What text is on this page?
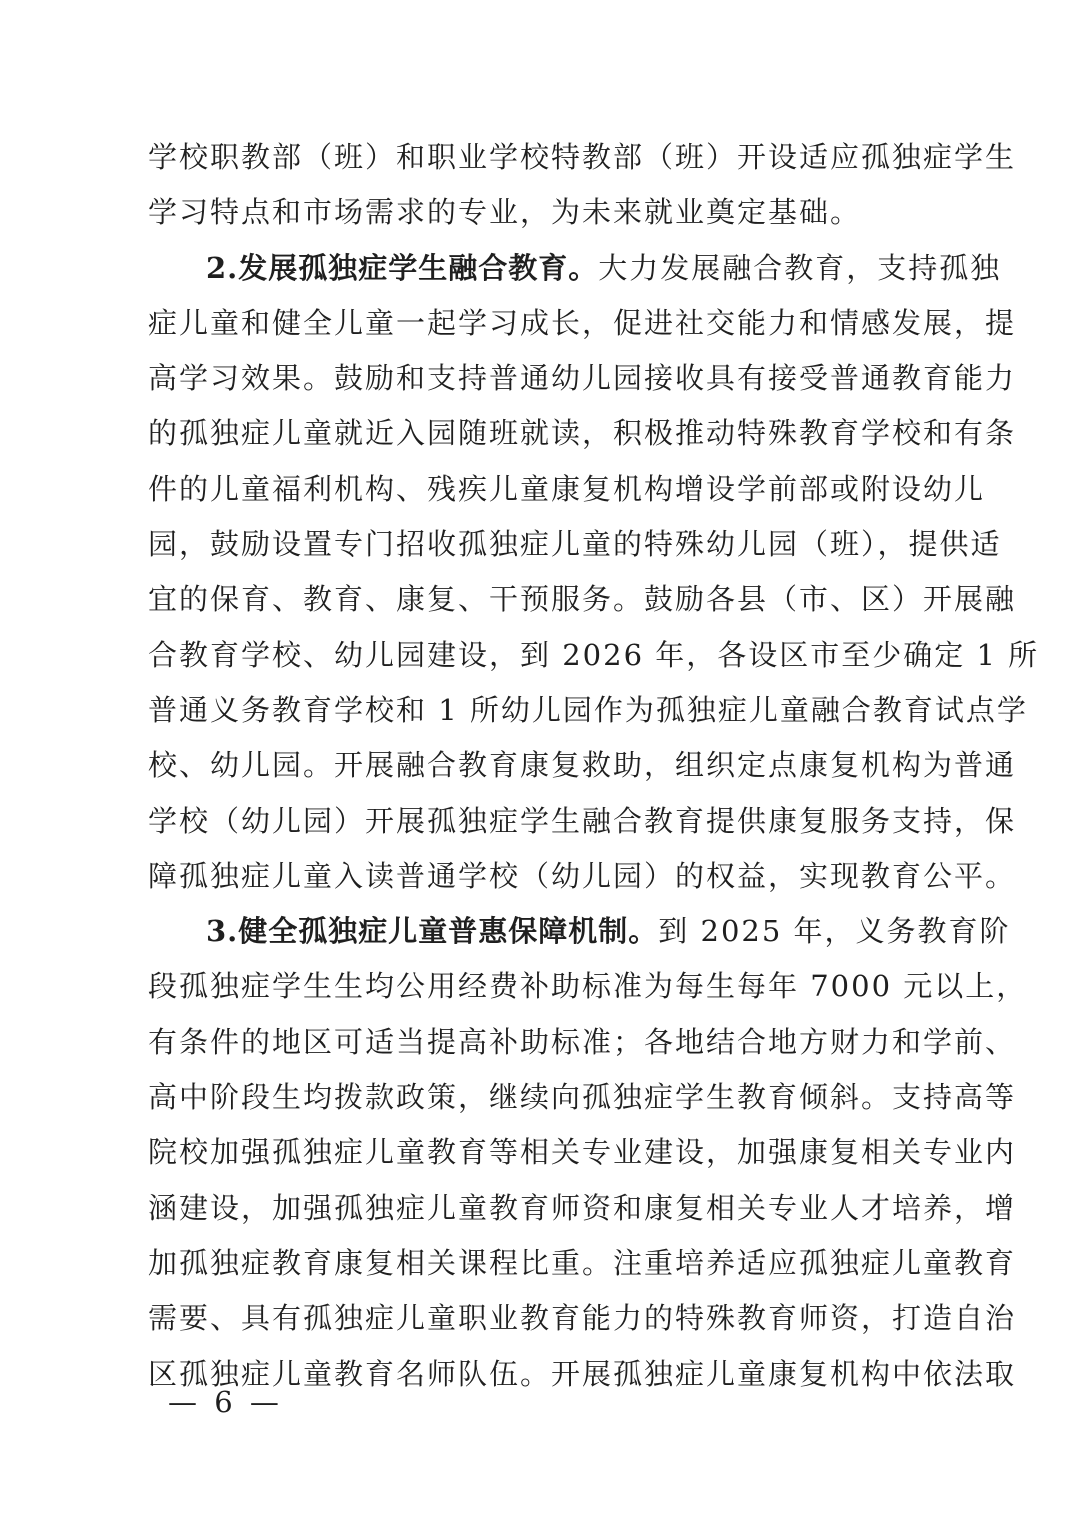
学校职教部（班）和职业学校特教部（班）开设适应孤独症学生
学习特点和市场需求的专业，为未来就业奠定基础。
2.发展孤独症学生融合教育。大力发展融合教育，支持孤独
症儿童和健全儿童一起学习成长，促进社交能力和情感发展，提
高学习效果。鼓励和支持普通幼儿园接收具有接受普通教育能力
的孤独症儿童就近入园随班就读，积极推动特殊教育学校和有条
件的儿童福利机构、残疾儿童康复机构增设学前部或附设幼儿
园，鼓励设置专门招收孤独症儿童的特殊幼儿园（班），提供适
宜的保育、教育、康复、干预服务。鼓励各县（市、区）开展融
合教育学校、幼儿园建设，到 2026 年，各设区市至少确定 1 所
普通义务教育学校和 1 所幼儿园作为孤独症儿童融合教育试点学
校、幼儿园。开展融合教育康复救助，组织定点康复机构为普通
学校（幼儿园）开展孤独症学生融合教育提供康复服务支持，保
障孤独症儿童入读普通学校（幼儿园）的权益，实现教育公平。
3.健全孤独症儿童普惠保障机制。到 2025 年，义务教育阶
段孤独症学生生均公用经费补助标准为每生每年 7000 元以上，
有条件的地区可适当提高补助标准；各地结合地方财力和学前、
高中阶段生均拨款政策，继续向孤独症学生教育倾斜。支持高等
院校加强孤独症儿童教育等相关专业建设，加强康复相关专业内
涵建设，加强孤独症儿童教育师资和康复相关专业人才培养，增
加孤独症教育康复相关课程比重。注重培养适应孤独症儿童教育
需要、具有孤独症儿童职业教育能力的特殊教育师资，打造自治
区孤独症儿童教育名师队伍。开展孤独症儿童康复机构中依法取
— 6 —
